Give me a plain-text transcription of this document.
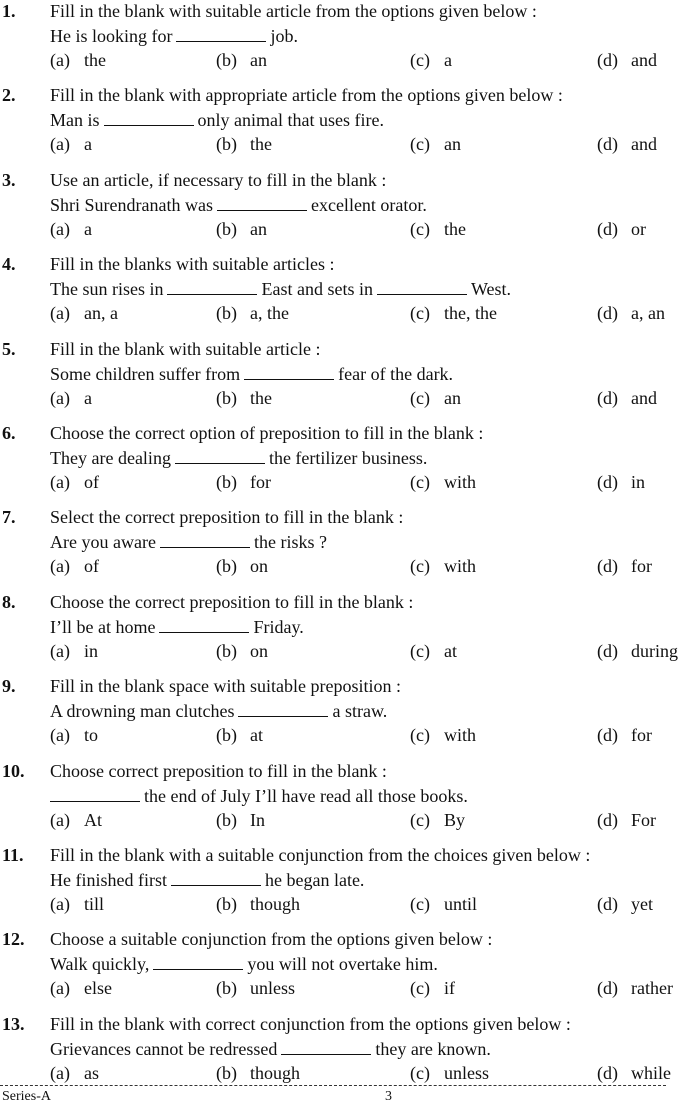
1. Fill in the blank with suitable article from the options given below :
He is looking for	job.
(a) the	(b) an	(c) a	(d) and
2. Fill in the blank with appropriate article from the options given below :
Man is	only animal that uses fire.
(a) a	(b) the	(c) an	(d) and
3. Use an article, if necessary to fill in the blank :
Shri Surendranath was	excellent orator.
(a) a	(b) an	(c) the	(d) or
4. Fill in the blanks with suitable articles :
The sun rises in	East and sets in	West.
(a) an, a	(b) a, the	(c) the, the	(d) a, an
5. Fill in the blank with suitable article :
Some children suffer from	fear of the dark.
(a) a	(b) the	(c) an	(d) and
6. Choose the correct option of preposition to fill in the blank :
They are dealing	the fertilizer business.
(a) of	(b) for	(c) with	(d) in
7. Select the correct preposition to fill in the blank :
Are you aware	the risks ?
(a) of	(b) on	(c) with	(d) for
8. Choose the correct preposition to fill in the blank :
I’ll be at home	Friday.
(a) in	(b) on	(c) at	(d) during
9. Fill in the blank space with suitable preposition :
A drowning man clutches	a straw.
(a) to	(b) at	(c) with	(d) for
10. Choose correct preposition to fill in the blank :
the end of July I’ll have read all those books.
(a) At	(b) In	(c) By	(d) For
11. Fill in the blank with a suitable conjunction from the choices given below :
He finished first	he began late.
(a) till	(b) though	(c) until	(d) yet
12. Choose a suitable conjunction from the options given below :
Walk quickly,	you will not overtake him.
(a) else	(b) unless	(c) if	(d) rather
13. Fill in the blank with correct conjunction from the options given below :
Grievances cannot be redressed	they are known.
(a) as	(b) though	(c) unless	(d) while
Series-A	3
